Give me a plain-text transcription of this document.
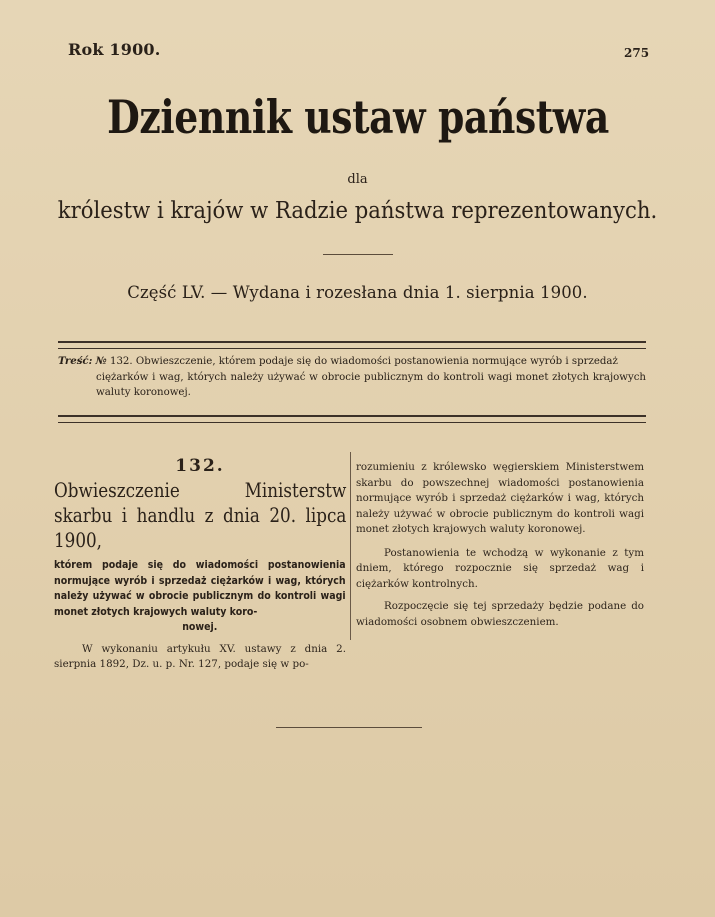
Rok 1900.	275
Dziennik ustaw państwa
dla
królestw i krajów w Radzie państwa reprezentowanych.
Część LV. — Wydana i rozesłana dnia 1. sierpnia 1900.
Treść: № 132. Obwieszczenie, którem podaje się do wiadomości postanowienia normujące wyrób i sprzedaż
ciężarków i wag, których należy używać w obrocie publicznym do kontroli wagi monet złotych krajowych waluty koronowej.
132.
Obwieszczenie Ministerstw skarbu i handlu z dnia 20. lipca 1900,
którem podaje się do wiadomości postanowienia normujące wyrób i sprzedaż ciężarków i wag, których należy używać w obrocie publicznym do kontroli wagi monet złotych krajowych waluty koro-
nowej.

W wykonaniu artykułu XV. ustawy z dnia 2. sierpnia 1892, Dz. u. p. Nr. 127, podaje się w po-

rozumieniu z królewsko węgierskiem Ministerstwem skarbu do powszechnej wiadomości postanowienia normujące wyrób i sprzedaż ciężarków i wag, których należy używać w obrocie publicznym do kontroli wagi monet złotych krajowych waluty koronowej.

Postanowienia te wchodzą w wykonanie z tym dniem, którego rozpocznie się sprzedaż wag i ciężarków kontrolnych.

Rozpoczęcie się tej sprzedaży będzie podane do wiadomości osobnem obwieszczeniem.
